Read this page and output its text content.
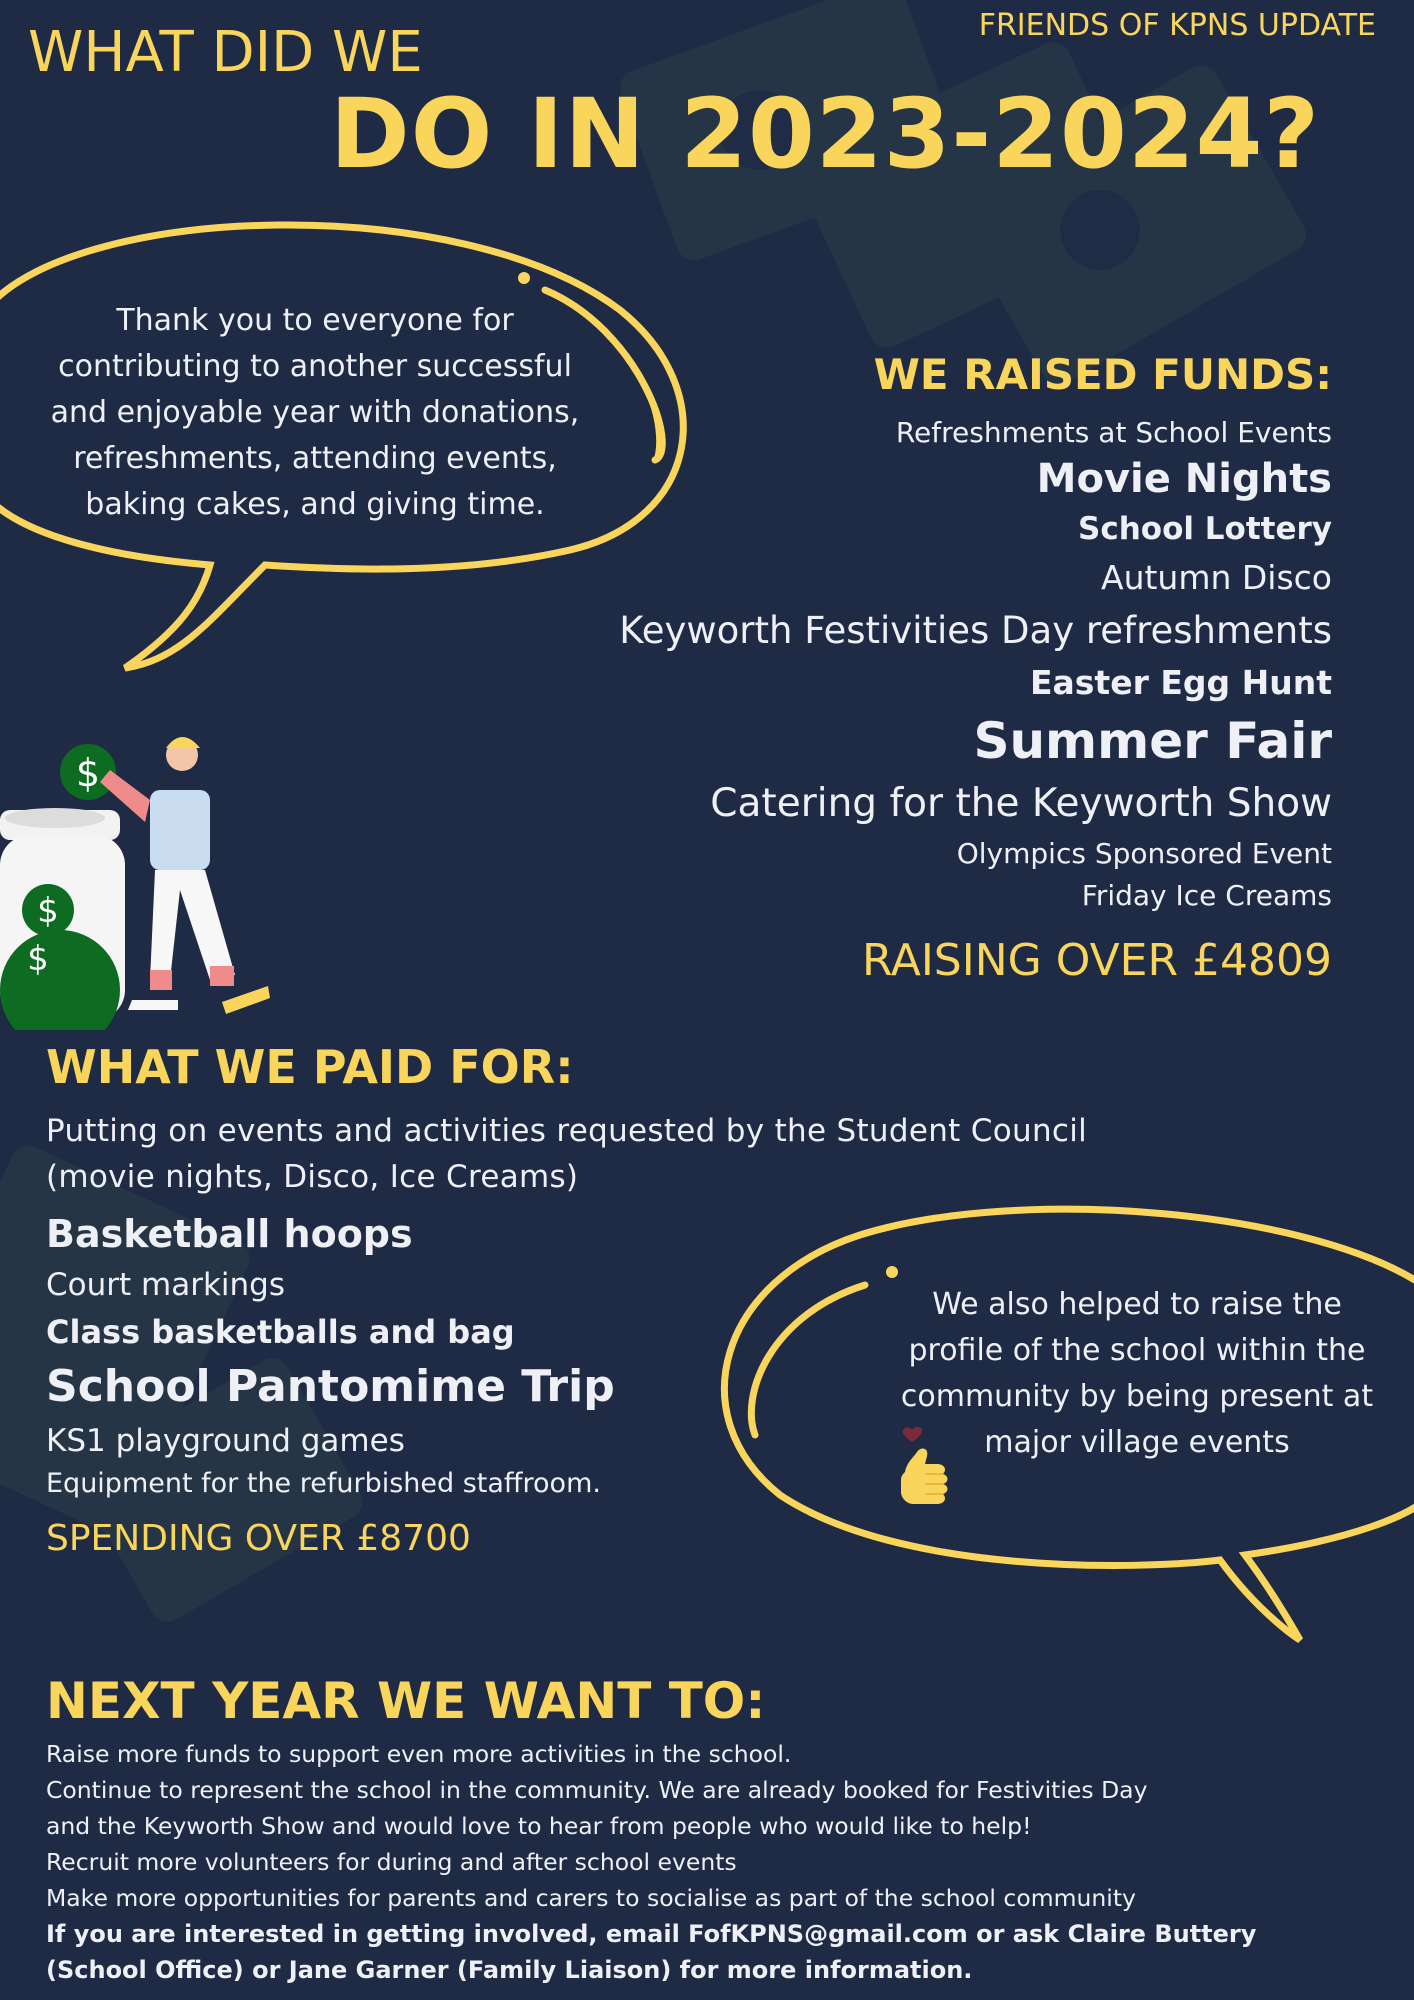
FRIENDS OF KPNS UPDATE
WHAT DID WE
DO IN 2023-2024?
Thank you to everyone for
contributing to another successful
and enjoyable year with donations,
refreshments, attending events,
baking cakes, and giving time.
WE RAISED FUNDS:
Refreshments at School Events
Movie Nights
School Lottery
Autumn Disco
Keyworth Festivities Day refreshments
Easter Egg Hunt
Summer Fair
Catering for the Keyworth Show
Olympics Sponsored Event
Friday Ice Creams
RAISING OVER £4809
$
$
$
WHAT WE PAID FOR:
Putting on events and activities requested by the Student Council
(movie nights, Disco, Ice Creams)
Basketball hoops
Court markings
Class basketballs and bag
School Pantomime Trip
KS1 playground games
Equipment for the refurbished staffroom.
SPENDING OVER £8700
We also helped to raise the
profile of the school within the
community by being present at
major village events
NEXT YEAR WE WANT TO:
Raise more funds to support even more activities in the school.
Continue to represent the school in the community. We are already booked for Festivities Day
and the Keyworth Show and would love to hear from people who would like to help!
Recruit more volunteers for during and after school events
Make more opportunities for parents and carers to socialise as part of the school community
If you are interested in getting involved, email FofKPNS@gmail.com or ask Claire Buttery
(School Office) or Jane Garner (Family Liaison) for more information.
